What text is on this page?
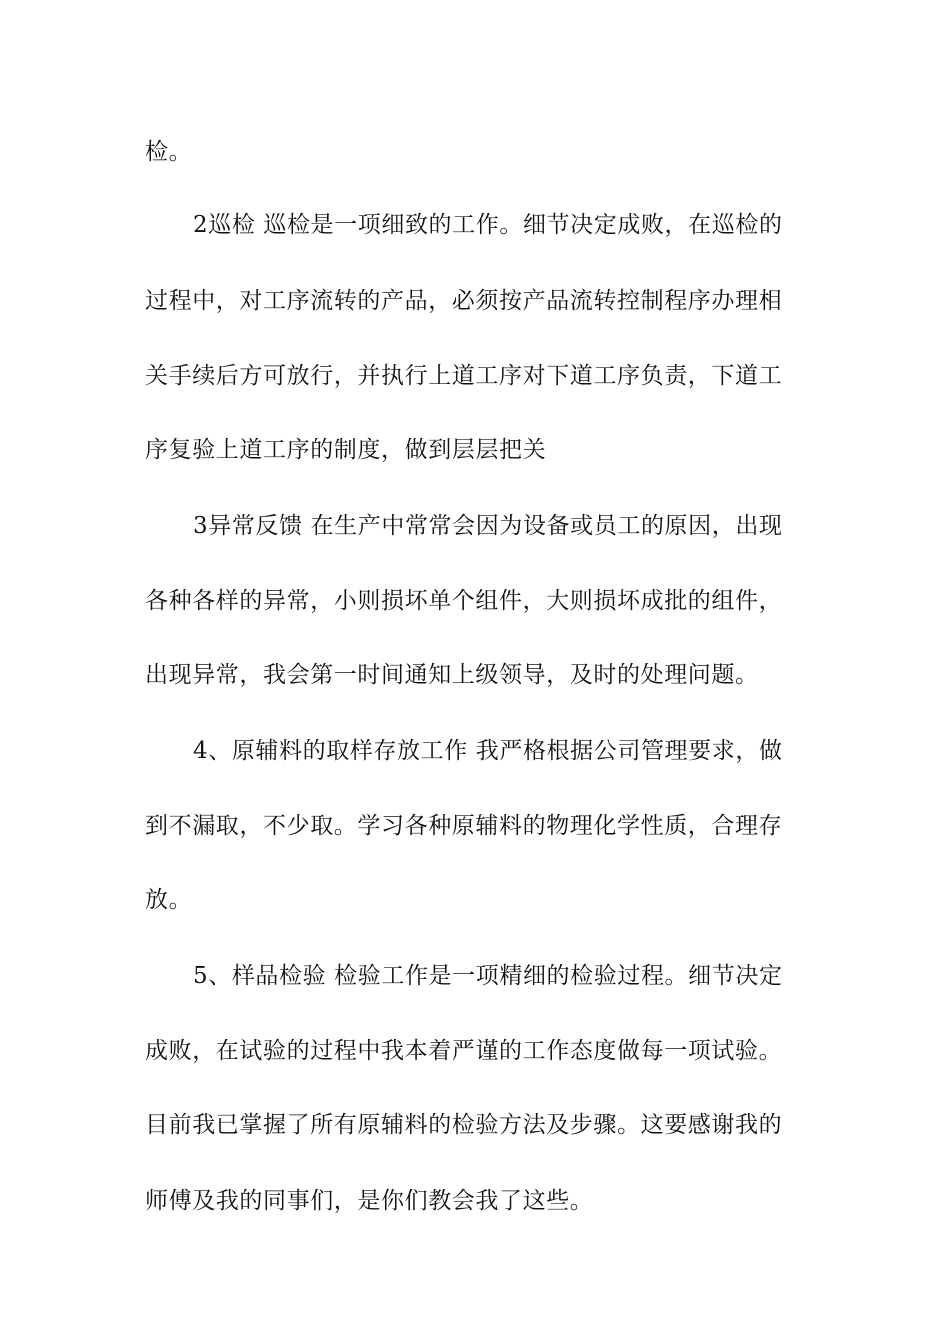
检。
2巡检 巡检是一项细致的工作。细节决定成败，在巡检的
过程中，对工序流转的产品，必须按产品流转控制程序办理相
关手续后方可放行，并执行上道工序对下道工序负责，下道工
序复验上道工序的制度，做到层层把关
3异常反馈 在生产中常常会因为设备或员工的原因，出现
各种各样的异常，小则损坏单个组件，大则损坏成批的组件，
出现异常，我会第一时间通知上级领导，及时的处理问题。
4、原辅料的取样存放工作 我严格根据公司管理要求，做
到不漏取，不少取。学习各种原辅料的物理化学性质，合理存
放。
5、样品检验 检验工作是一项精细的检验过程。细节决定
成败，在试验的过程中我本着严谨的工作态度做每一项试验。
目前我已掌握了所有原辅料的检验方法及步骤。这要感谢我的
师傅及我的同事们，是你们教会我了这些。
